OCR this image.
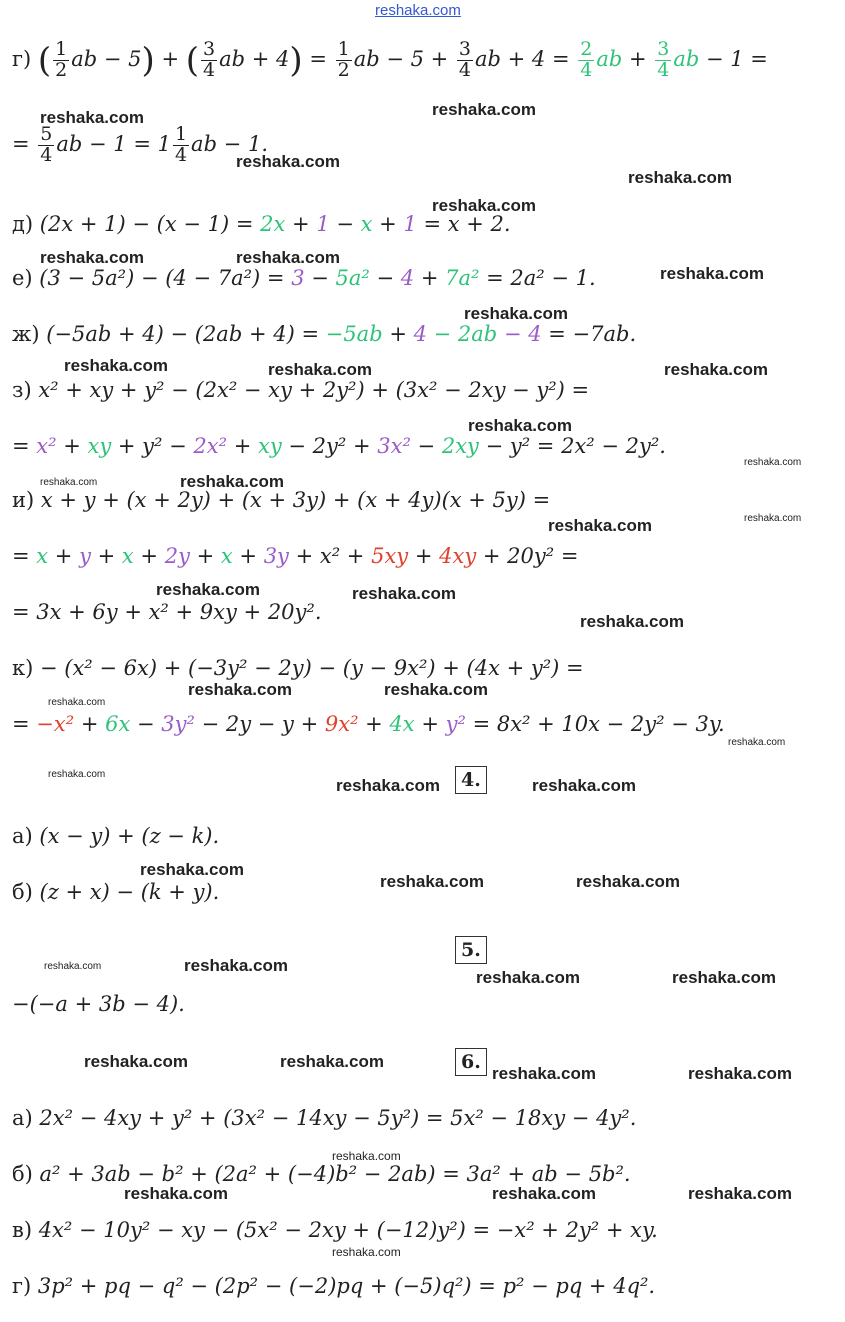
reshaka.com
г) ( $\frac{1}{2}$ ab − 5) + ( $\frac{3}{4}$ ab + $4) = \frac{1}{2}$ ab − $5 + \frac{3}{4}$ ab + $4 = \frac{2}{4}$ ab + $\frac{3}{4}$ ab − 1 =
= $\frac{5}{4}$ ab − $1 = 1 \frac{1}{4}$ ab − 1.
д) (2x + 1) − (x − 1) = 2x + 1 − x + 1 = x + 2.
е) (3 − 5a²) − (4 − 7a²) = 3 − 5a² − 4 + 7a² = 2a² − 1.
ж) (−5ab + 4) − (2ab + 4) = −5ab + 4 − 2ab − 4 = −7ab.
з) x² + xy + y² − (2x² − xy + 2y²) + (3x² − 2xy − y²) =
= x² + xy + y² − 2x² + xy − 2y² + 3x² − 2xy − y² = 2x² − 2y².
и) x + y + (x + 2y) + (x + 3y) + (x + 4y)(x + 5y) =
= x + y + x + 2y + x + 3y + x² + 5xy + 4xy + 20y² =
= 3x + 6y + x² + 9xy + 20y².
к) − (x² − 6x) + (−3y² − 2y) − (y − 9x²) + (4x + y²) =
= −x² + 6x − 3y² − 2y − y + 9x² + 4x + y² = 8x² + 10x − 2y² − 3y.
4.
а) (x − y) + (z − k).
б) (z + x) − (k + y).
5.
−(−a + 3b − 4).
6.
а) 2x² − 4xy + y² + (3x² − 14xy − 5y²) = 5x² − 18xy − 4y².
б) a² + 3ab − b² + (2a² + (−4)b² − 2ab) = 3a² + ab − 5b².
в) 4x² − 10y² − xy − (5x² − 2xy + (−12)y²) = −x² + 2y² + xy.
г) 3p² + pq − q² − (2p² − (−2)pq + (−5)q²) = p² − pq + 4q².
reshaka.com	reshaka.com
reshaka.com
reshaka.com
reshaka.com
reshaka.com	reshaka.com
reshaka.com
reshaka.com
reshaka.com	reshaka.com	reshaka.com
reshaka.com
reshaka.com
reshaka.com
reshaka.com	reshaka.com
reshaka.com
reshaka.com	reshaka.com
reshaka.com	reshaka.com
reshaka.com
reshaka.com	reshaka.com
reshaka.com
reshaka.com	reshaka.com
reshaka.com	reshaka.com
reshaka.com	reshaka.com
reshaka.com	reshaka.com	reshaka.com
reshaka.com
reshaka.com
reshaka.com
reshaka.com
reshaka.com
reshaka.com
reshaka.com
reshaka.com
reshaka.com
